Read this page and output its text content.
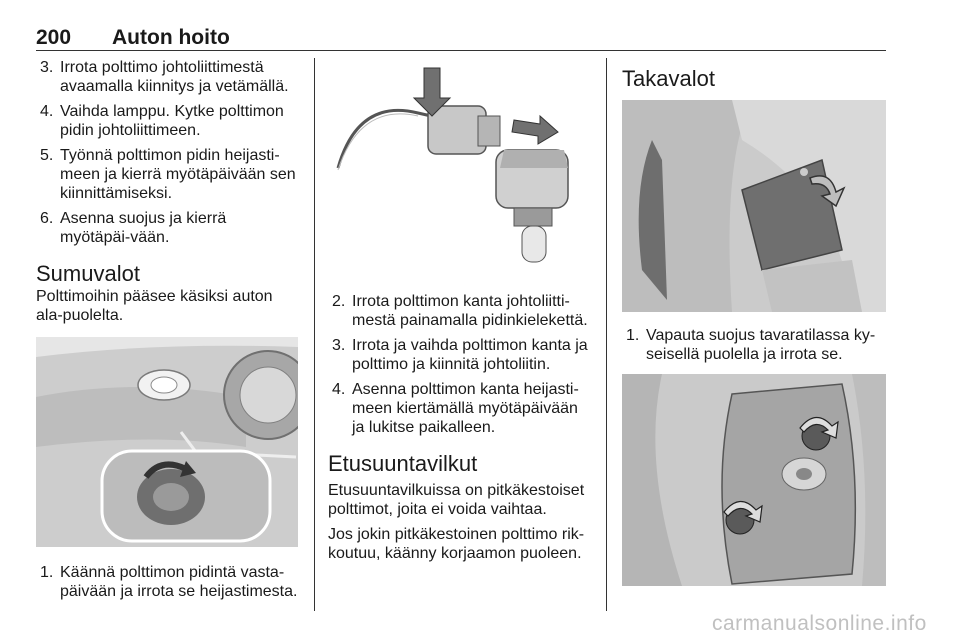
200 Auton hoito
3. Irrota polttimo johtoliittimestä avaamalla kiinnitys ja vetämällä.
4. Vaihda lamppu. Kytke polttimon pidin johtoliittimeen.
5. Työnnä polttimon pidin heijasti-meen ja kierrä myötäpäivään sen kiinnittämiseksi.
6. Asenna suojus ja kierrä myötäpäi-vään.
Sumuvalot

Polttimoihin pääsee käsiksi auton ala-puolelta.

1. Käännä polttimon pidintä vasta-päivään ja irrota se heijastimesta.
2. Irrota polttimon kanta johtoliitti-mestä painamalla pidinkielekettä.
3. Irrota ja vaihda polttimon kanta ja polttimo ja kiinnitä johtoliitin.
4. Asenna polttimon kanta heijasti-meen kiertämällä myötäpäivään ja lukitse paikalleen.
Etusuuntavilkut

Etusuuntavilkuissa on pitkäkestoiset polttimot, joita ei voida vaihtaa.

Jos jokin pitkäkestoinen polttimo rik-koutuu, käänny korjaamon puoleen.

Takavalot
1. Vapauta suojus tavaratilassa ky-seisellä puolella ja irrota se.
carmanualsonline.info
